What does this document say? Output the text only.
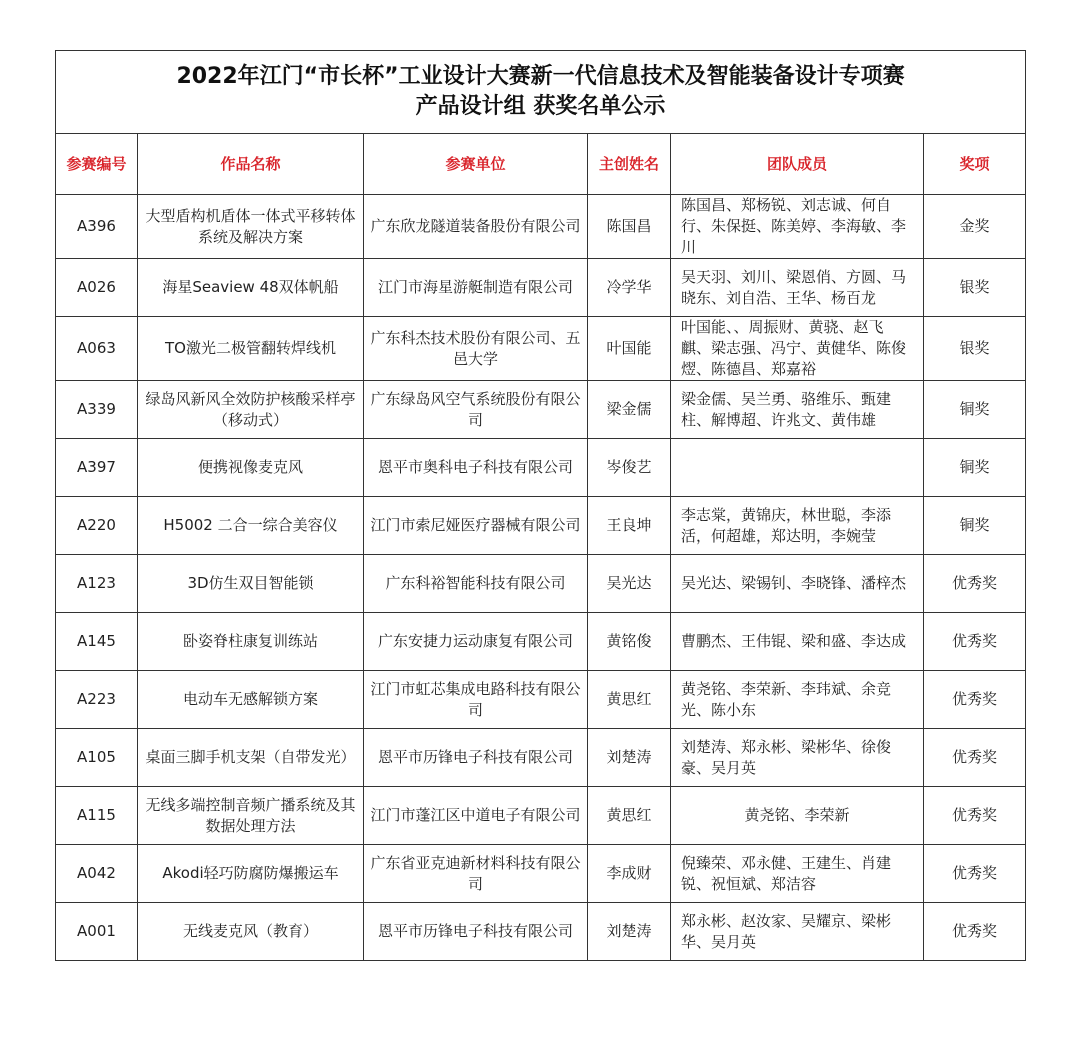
2022年江门“市长杯”工业设计大赛新一代信息技术及智能装备设计专项赛
产品设计组 获奖名单公示					

参赛编号	作品名称	参赛单位	主创姓名	团队成员	奖项
A396	大型盾构机盾体一体式平移转体系统及解决方案	广东欣龙隧道装备股份有限公司	陈国昌	陈国昌、郑杨锐、刘志诚、何自行、朱保挺、陈美婷、李海敏、李川	金奖
A026	海星Seaview 48双体帆船	江门市海星游艇制造有限公司	冷学华	吴天羽、刘川、梁恩俏、方圆、马晓东、刘自浩、王华、杨百龙	银奖
A063	TO激光二极管翻转焊线机	广东科杰技术股份有限公司、五邑大学	叶国能	叶国能、、周振财、黄骁、赵飞麒、梁志强、冯宁、黄健华、陈俊熤、陈德昌、郑嘉裕	银奖
A339	绿岛风新风全效防护核酸采样亭（移动式）	广东绿岛风空气系统股份有限公司	梁金儒	梁金儒、吴兰勇、骆维乐、甄建柱、解博超、许兆文、黄伟雄	铜奖
A397	便携视像麦克风	恩平市奥科电子科技有限公司	岑俊艺		铜奖
A220	H5002 二合一综合美容仪	江门市索尼娅医疗器械有限公司	王良坤	李志棠，黄锦庆，林世聪，李添活，何超雄，郑达明，李婉莹	铜奖
A123	3D仿生双目智能锁	广东科裕智能科技有限公司	吴光达	吴光达、梁锡钊、李晓锋、潘梓杰	优秀奖
A145	卧姿脊柱康复训练站	广东安捷力运动康复有限公司	黄铭俊	曹鹏杰、王伟锟、梁和盛、李达成	优秀奖
A223	电动车无感解锁方案	江门市虹芯集成电路科技有限公司	黄思红	黄尧铭、李荣新、李玮斌、余竞光、陈小东	优秀奖
A105	桌面三脚手机支架（自带发光）	恩平市历锋电子科技有限公司	刘楚涛	刘楚涛、郑永彬、梁彬华、徐俊豪、吴月英	优秀奖
A115	无线多端控制音频广播系统及其数据处理方法	江门市蓬江区中道电子有限公司	黄思红	黄尧铭、李荣新	优秀奖
A042	Akodi轻巧防腐防爆搬运车	广东省亚克迪新材料科技有限公司	李成财	倪臻荣、邓永健、王建生、肖建锐、祝恒斌、郑洁容	优秀奖
A001	无线麦克风（教育）	恩平市历锋电子科技有限公司	刘楚涛	郑永彬、赵汝家、吴耀京、梁彬华、吴月英	优秀奖
